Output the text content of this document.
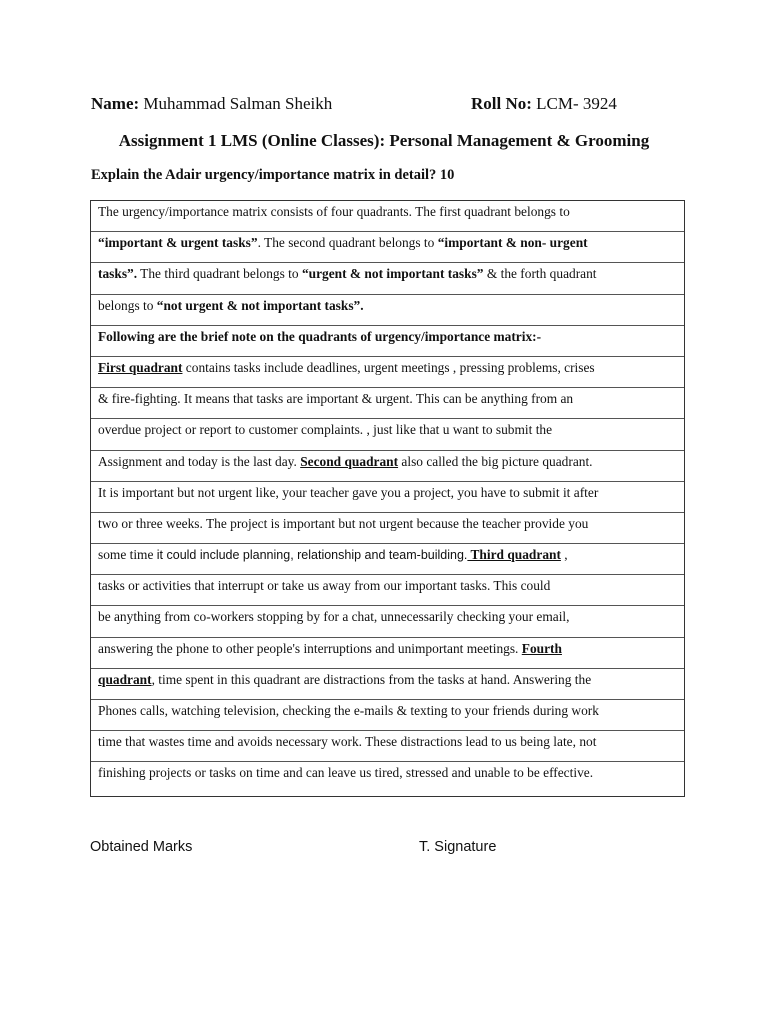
Name: Muhammad Salman Sheikh	Roll No: LCM- 3924
Assignment 1 LMS (Online Classes): Personal Management & Grooming
Explain the Adair urgency/importance matrix in detail? 10
The urgency/importance matrix consists of four quadrants. The first quadrant belongs to
“important & urgent tasks”. The second quadrant belongs to “important & non- urgent
tasks”. The third quadrant belongs to “urgent & not important tasks” & the forth quadrant
belongs to “not urgent & not important tasks”.
Following are the brief note on the quadrants of urgency/importance matrix:-
First quadrant contains tasks include deadlines, urgent meetings , pressing problems, crises
& fire-fighting. It means that tasks are important & urgent. This can be anything from an
overdue project or report to customer complaints. , just like that u want to submit the
Assignment and today is the last day. Second quadrant also called the big picture quadrant.
It is important but not urgent like, your teacher gave you a project, you have to submit it after
two or three weeks. The project is important but not urgent because the teacher provide you
some time it could include planning, relationship and team-building. Third quadrant ,
tasks or activities that interrupt or take us away from our important tasks. This could
be anything from co-workers stopping by for a chat, unnecessarily checking your email,
answering the phone to other people's interruptions and unimportant meetings. Fourth
quadrant, time spent in this quadrant are distractions from the tasks at hand. Answering the
Phones calls, watching television, checking the e-mails & texting to your friends during work
time that wastes time and avoids necessary work. These distractions lead to us being late, not
finishing projects or tasks on time and can leave us tired, stressed and unable to be effective.
Obtained Marks	T. Signature
